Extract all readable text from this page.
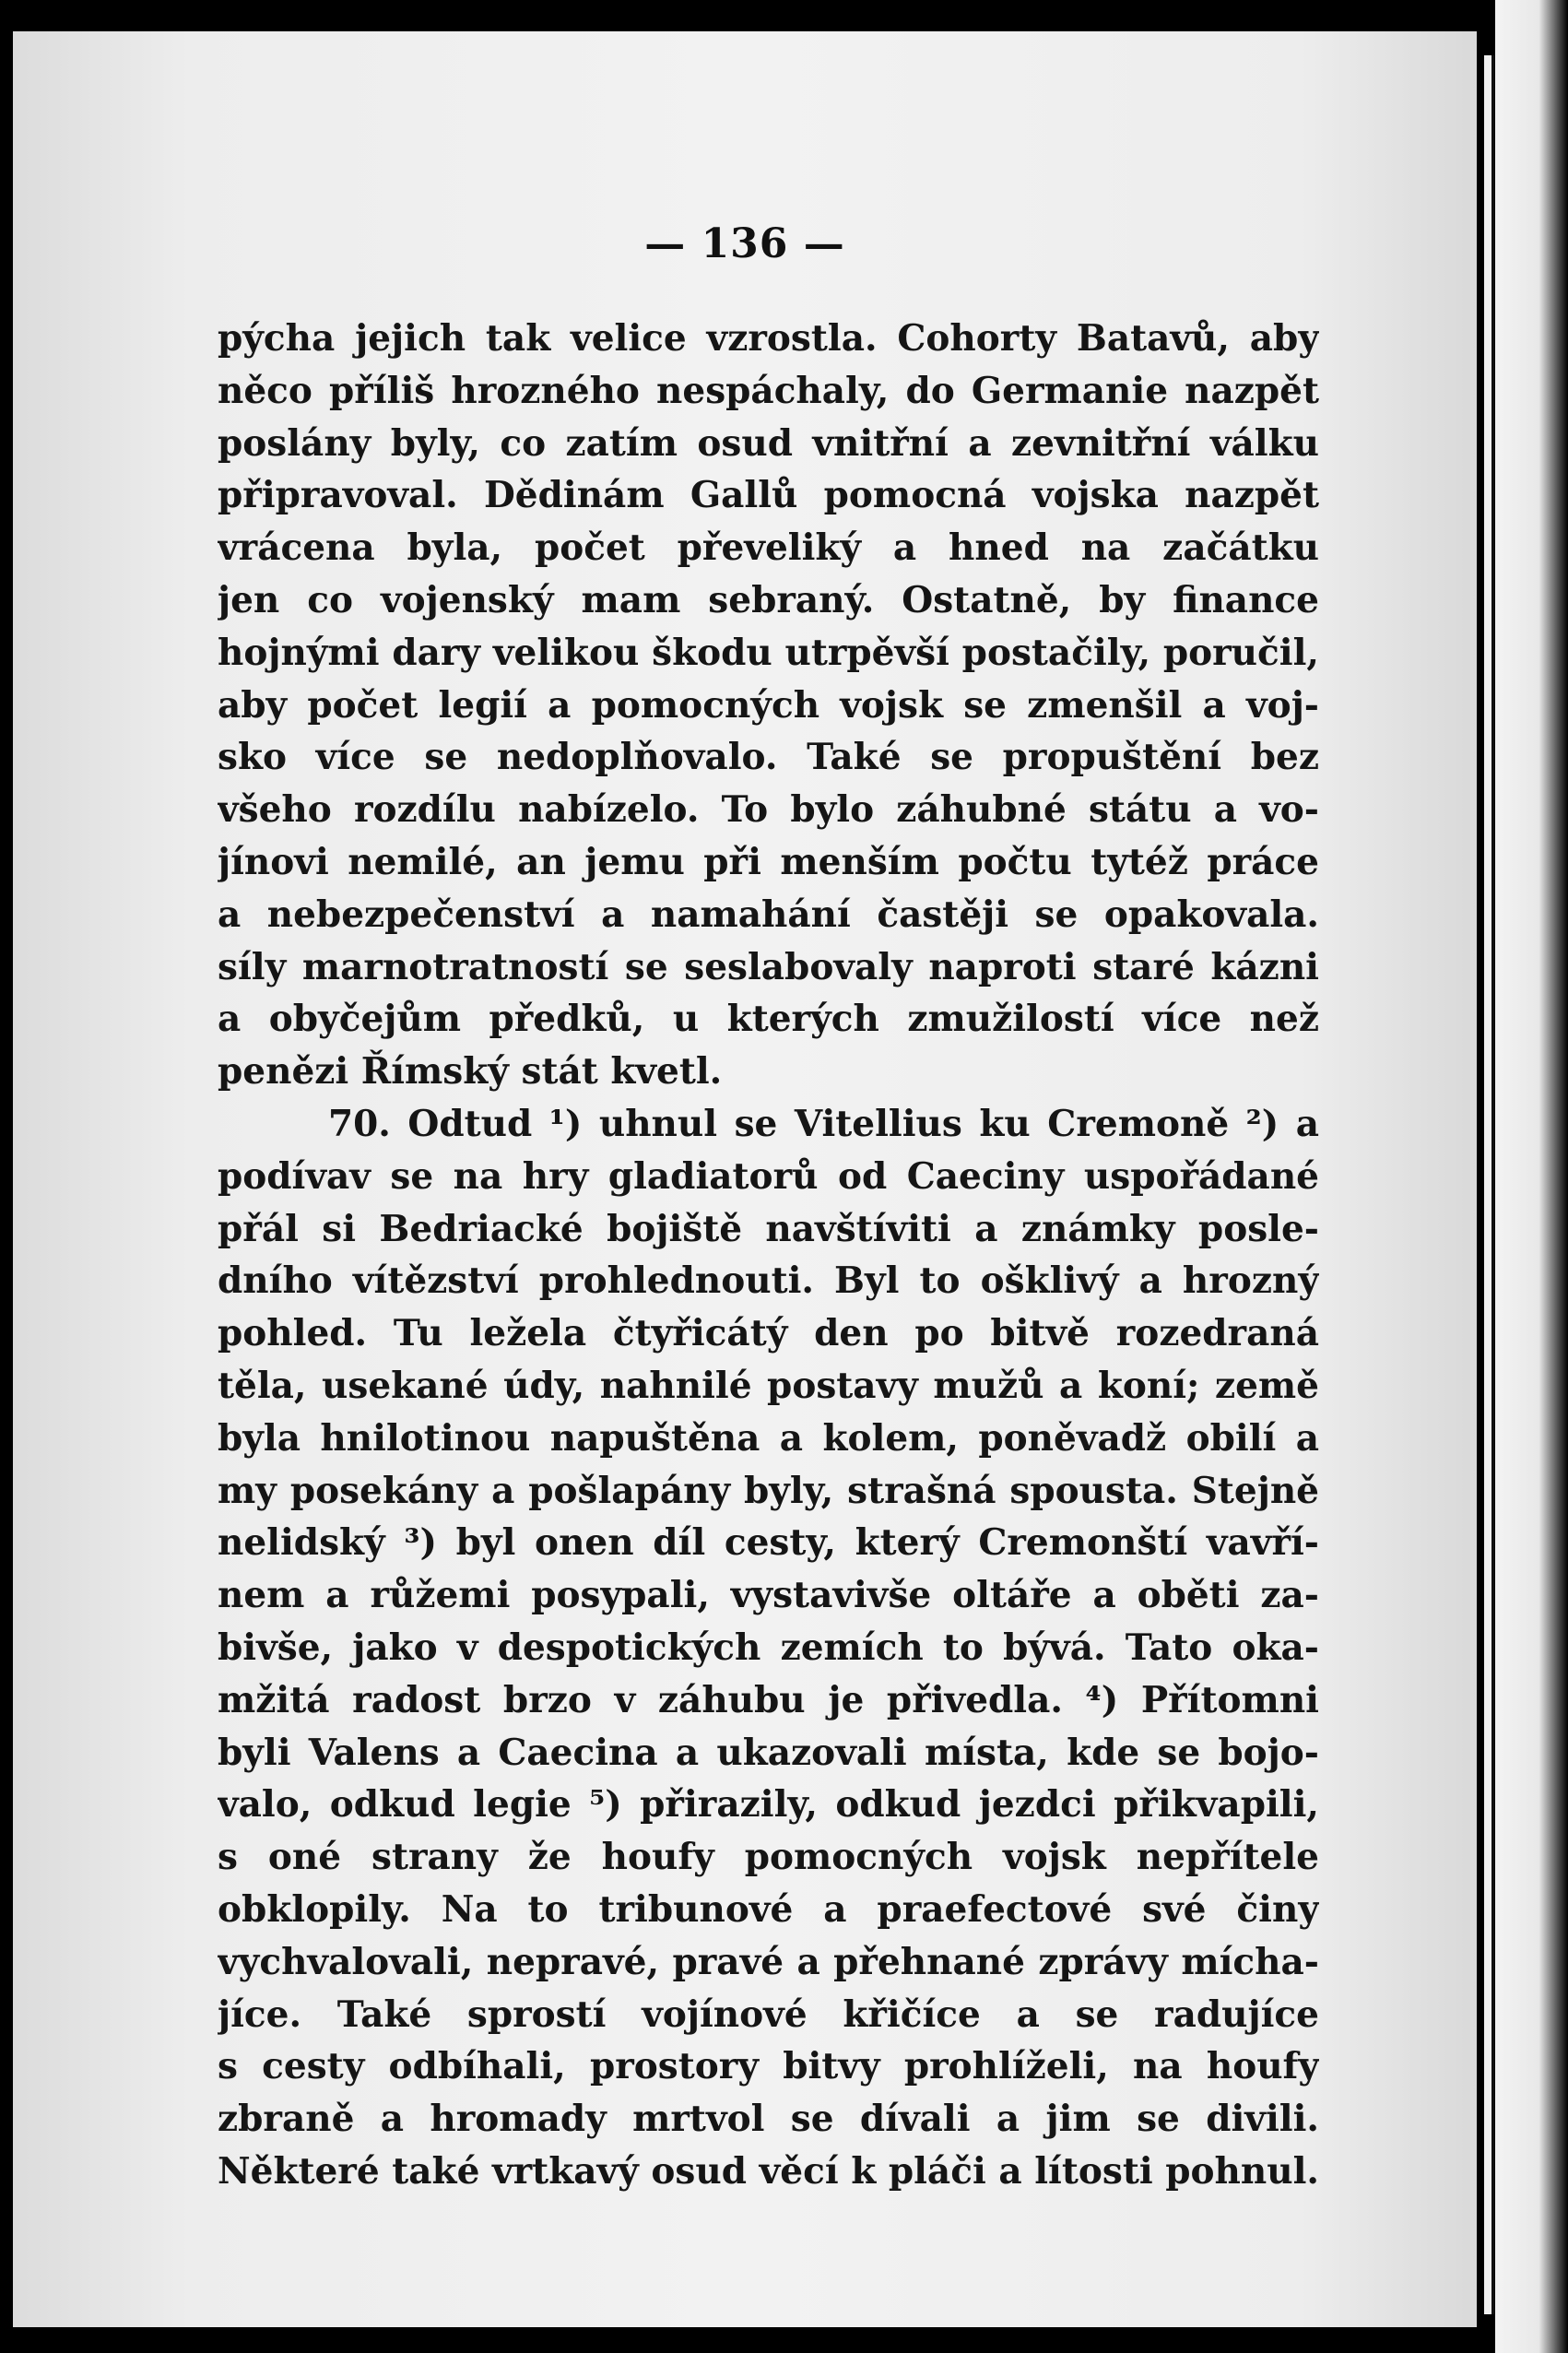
— 136 —
pýcha jejich tak velice vzrostla. Cohorty Batavů, aby
něco příliš hrozného nespáchaly, do Germanie nazpět
poslány byly, co zatím osud vnitřní a zevnitřní válku
připravoval. Dědinám Gallů pomocná vojska nazpět
vrácena byla, počet převeliký a hned na začátku
jen co vojenský mam sebraný. Ostatně, by finance
hojnými dary velikou škodu utrpěvší postačily, poručil,
aby počet legií a pomocných vojsk se zmenšil a voj-
sko více se nedoplňovalo. Také se propuštění bez
všeho rozdílu nabízelo. To bylo záhubné státu a vo-
jínovi nemilé, an jemu při menším počtu tytéž práce
a nebezpečenství a namahání častěji se opakovala.
síly marnotratností se seslabovaly naproti staré kázni
a obyčejům předků, u kterých zmužilostí více než
penězi Římský stát kvetl.
70. Odtud ¹) uhnul se Vitellius ku Cremoně ²) a
podívav se na hry gladiatorů od Caeciny uspořádané
přál si Bedriacké bojiště navštíviti a známky posle-
dního vítězství prohlednouti. Byl to ošklivý a hrozný
pohled. Tu ležela čtyřicátý den po bitvě rozedraná
těla, usekané údy, nahnilé postavy mužů a koní; země
byla hnilotinou napuštěna a kolem, poněvadž obilí a
my posekány a pošlapány byly, strašná spousta. Stejně
nelidský ³) byl onen díl cesty, který Cremonští vavří-
nem a růžemi posypali, vystavivše oltáře a oběti za-
bivše, jako v despotických zemích to bývá. Tato oka-
mžitá radost brzo v záhubu je přivedla. ⁴) Přítomni
byli Valens a Caecina a ukazovali místa, kde se bojo-
valo, odkud legie ⁵) přirazily, odkud jezdci přikvapili,
s oné strany že houfy pomocných vojsk nepřítele
obklopily. Na to tribunové a praefectové své činy
vychvalovali, nepravé, pravé a přehnané zprávy mícha-
jíce. Také sprostí vojínové křičíce a se radujíce
s cesty odbíhali, prostory bitvy prohlíželi, na houfy
zbraně a hromady mrtvol se dívali a jim se divili.
Některé také vrtkavý osud věcí k pláči a lítosti pohnul.
